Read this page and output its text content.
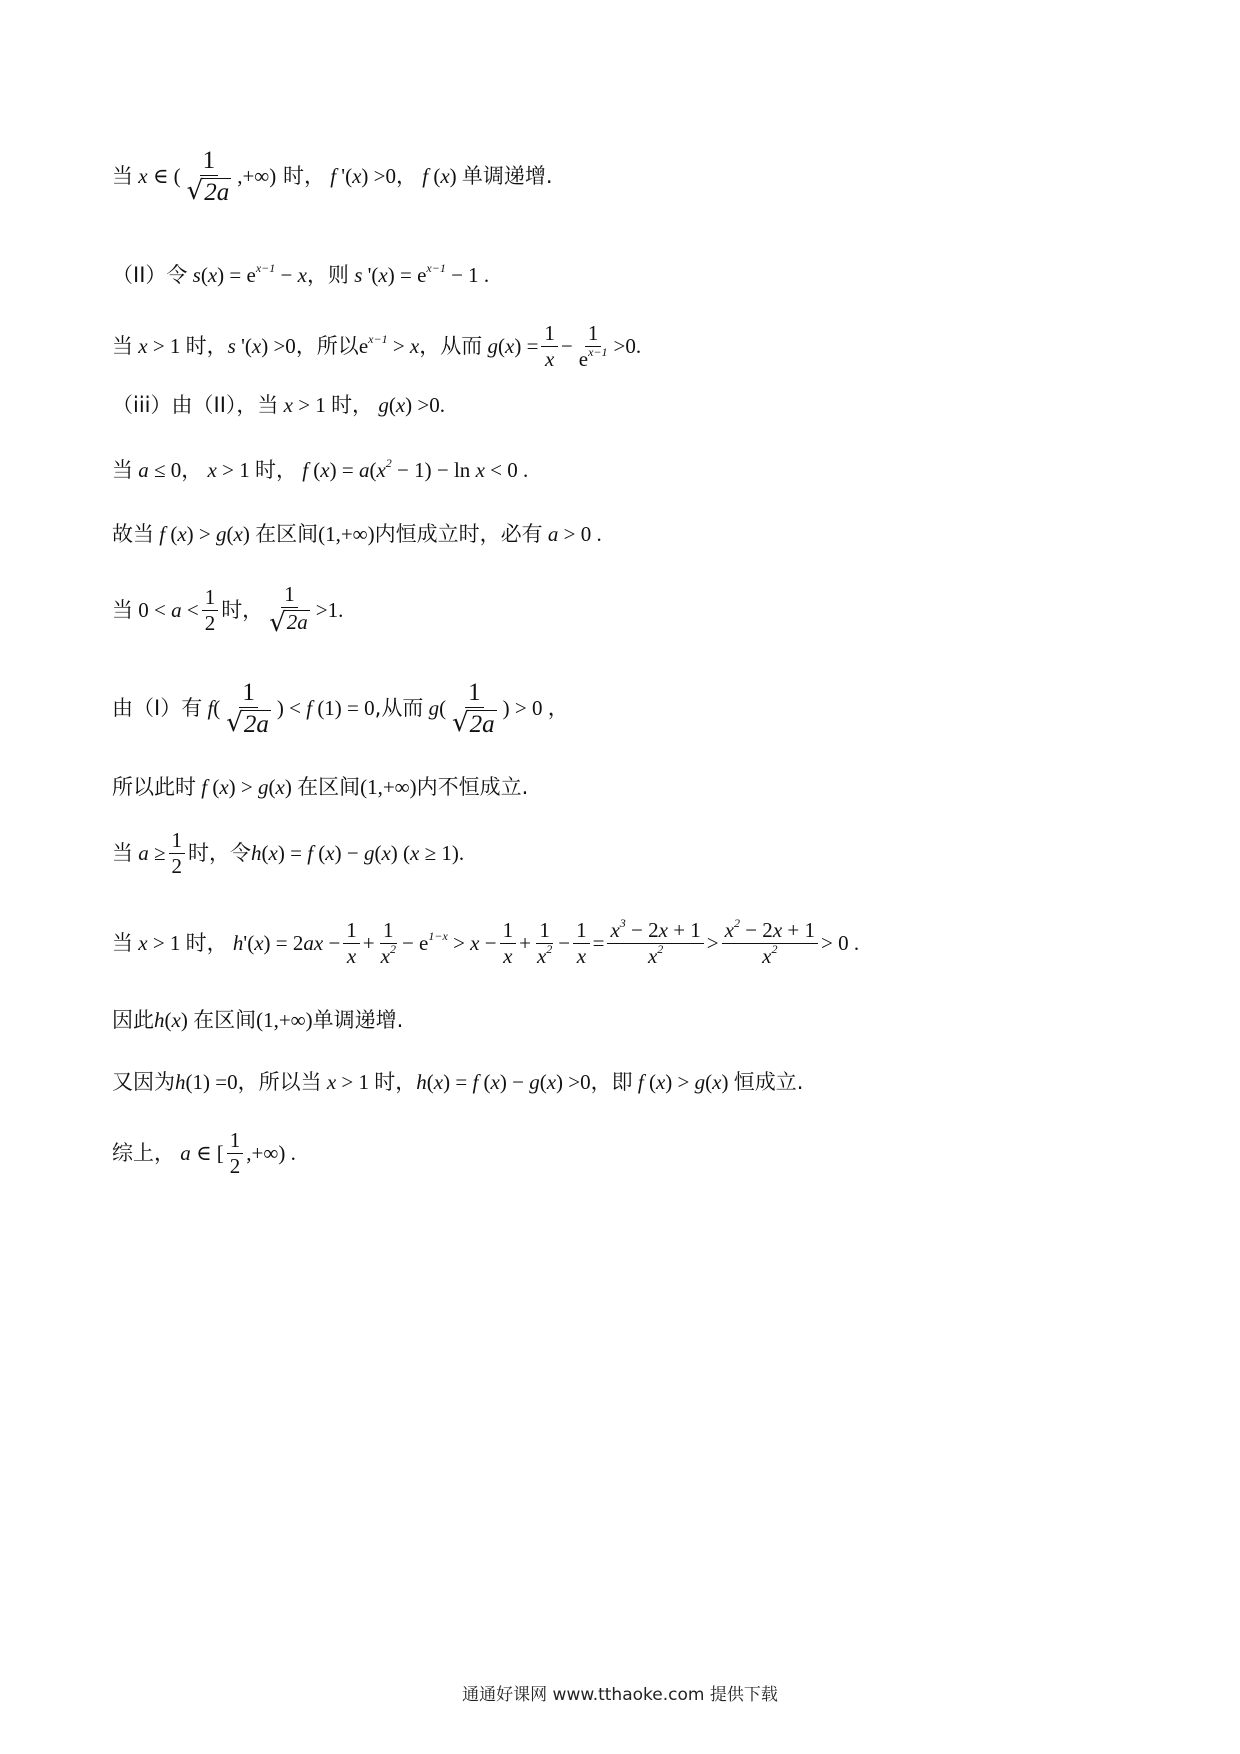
当 x ∈ ( $\frac{1}{√ 2a}$ ,+∞) 时， f '(x) >0， f (x) 单调递增.
（II）令 s $(x) = e^{x-1} - x$ ，则 s '$(x) = e^{x-1} - 1$ .
当 x > 1 时， s '(x) >0 ，所以 $e^{x-1} > x$ ，从而 g $(x) = \frac{1}{x} - \frac{1}{e^{x-1}} >0$.
（iii）由（II），当 x > 1 时， g (x) >0.
当 a ≤ 0 ， x > 1 时， f $(x) = a(x^2 - 1) - \ln x < 0$ .
故当 f (x) > g(x) 在区间 (1,+∞) 内恒成立时，必有 a > 0 .
当 $0 < a < \frac{1}{2}$ 时， $\frac{1}{√ 2a} >1$.
由（I）有 f ( $\frac{1}{√ 2a}$ ) < f (1) = 0 ,从而 g ( $\frac{1}{√ 2a}$ ) > 0 ，
所以此时 f (x) > g(x) 在区间 (1,+∞) 内不恒成立.
当 $a \ge \frac{1}{2}$ 时，令 h (x) = f (x) − g(x) (x ≥ 1).
当 x > 1 时， h '$(x) = 2ax - \frac{1}{x} + \frac{1}{x^2} - e^{1-x} > x - \frac{1}{x} + \frac{1}{x^2} - \frac{1}{x} = \frac{x^3 - 2x + 1}{x^2} > \frac{x^2 - 2x + 1}{x^2} > 0$ .
因此 h (x) 在区间 (1,+∞) 单调递增.
又因为 h (1) =0 ，所以当 x > 1 时， h (x) = f (x) − g(x) >0 ，即 f (x) > g(x) 恒成立.
综上， a ∈ [ $\frac{1}{2}$ ,+∞) .
通通好课网 www.tthaoke.com 提供下载
